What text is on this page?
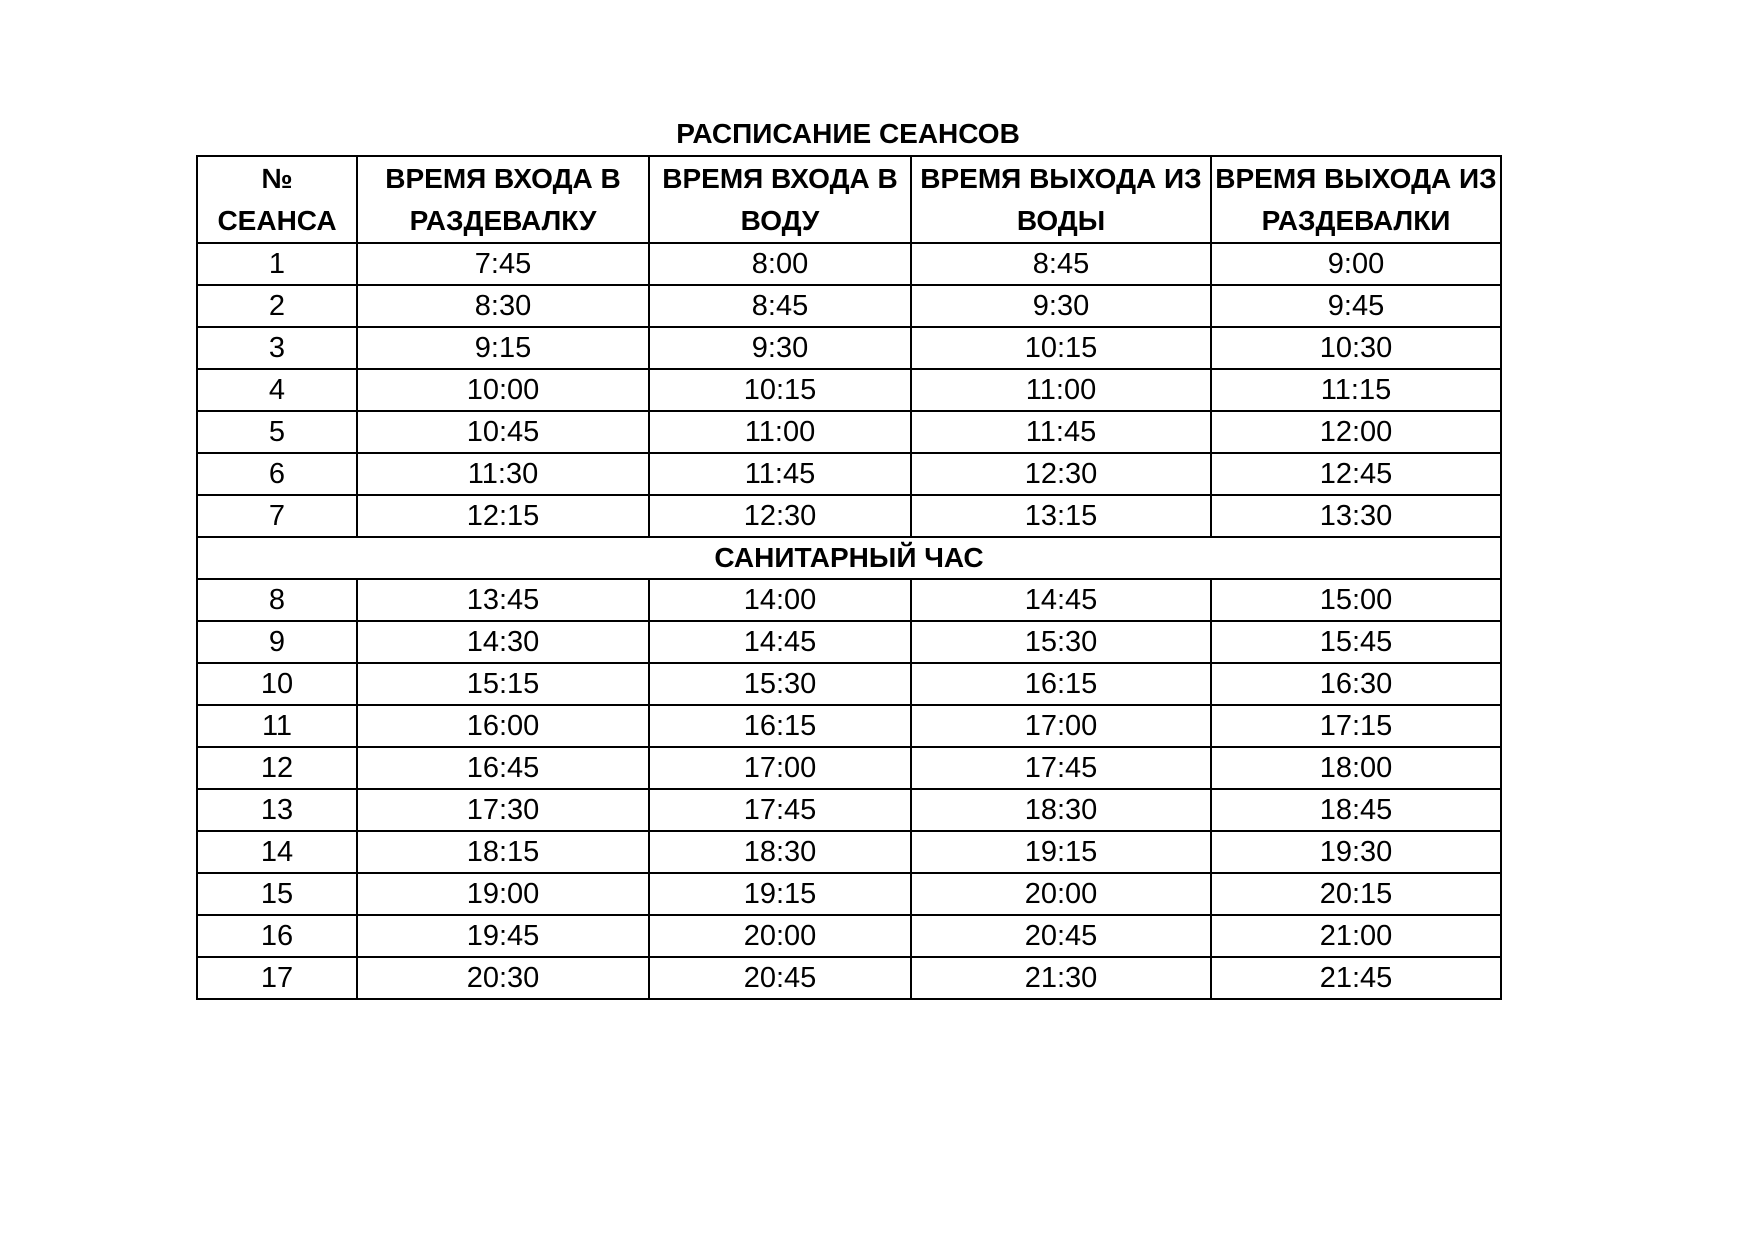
РАСПИСАНИЕ СЕАНСОВ
№ СЕАНСА	ВРЕМЯ ВХОДА В РАЗДЕВАЛКУ	ВРЕМЯ ВХОДА В ВОДУ	ВРЕМЯ ВЫХОДА ИЗ ВОДЫ	ВРЕМЯ ВЫХОДА ИЗ РАЗДЕВАЛКИ
1	7:45	8:00	8:45	9:00
2	8:30	8:45	9:30	9:45
3	9:15	9:30	10:15	10:30
4	10:00	10:15	11:00	11:15
5	10:45	11:00	11:45	12:00
6	11:30	11:45	12:30	12:45
7	12:15	12:30	13:15	13:30
САНИТАРНЫЙ ЧАС				
8	13:45	14:00	14:45	15:00
9	14:30	14:45	15:30	15:45
10	15:15	15:30	16:15	16:30
11	16:00	16:15	17:00	17:15
12	16:45	17:00	17:45	18:00
13	17:30	17:45	18:30	18:45
14	18:15	18:30	19:15	19:30
15	19:00	19:15	20:00	20:15
16	19:45	20:00	20:45	21:00
17	20:30	20:45	21:30	21:45
